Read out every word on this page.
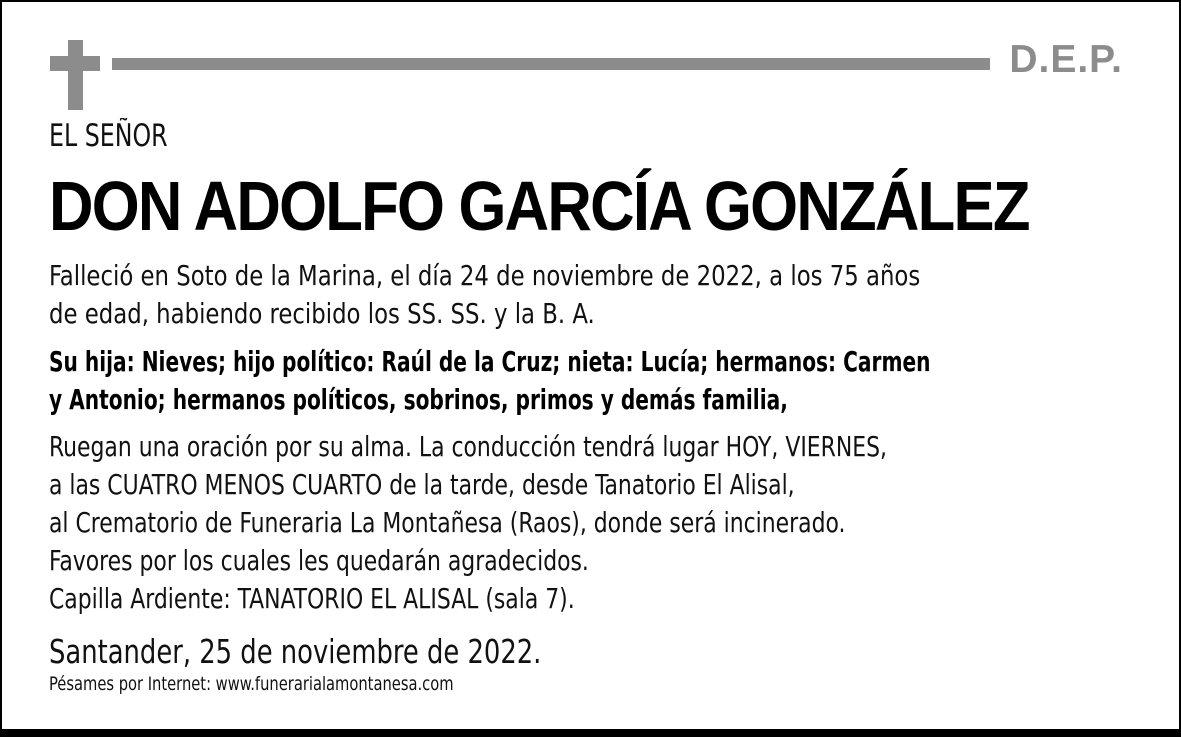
D.E.P.
EL SEÑOR
DON ADOLFO GARCÍA GONZÁLEZ
Falleció en Soto de la Marina, el día 24 de noviembre de 2022, a los 75 años
de edad, habiendo recibido los SS. SS. y la B. A.
Su hija: Nieves; hijo político: Raúl de la Cruz; nieta: Lucía; hermanos: Carmen
y Antonio; hermanos políticos, sobrinos, primos y demás familia,
Ruegan una oración por su alma. La conducción tendrá lugar HOY, VIERNES,
a las CUATRO MENOS CUARTO de la tarde, desde Tanatorio El Alisal,
al Crematorio de Funeraria La Montañesa (Raos), donde será incinerado.
Favores por los cuales les quedarán agradecidos.
Capilla Ardiente: TANATORIO EL ALISAL (sala 7).
Santander, 25 de noviembre de 2022.
Pésames por Internet: www.funerarialamontanesa.com
